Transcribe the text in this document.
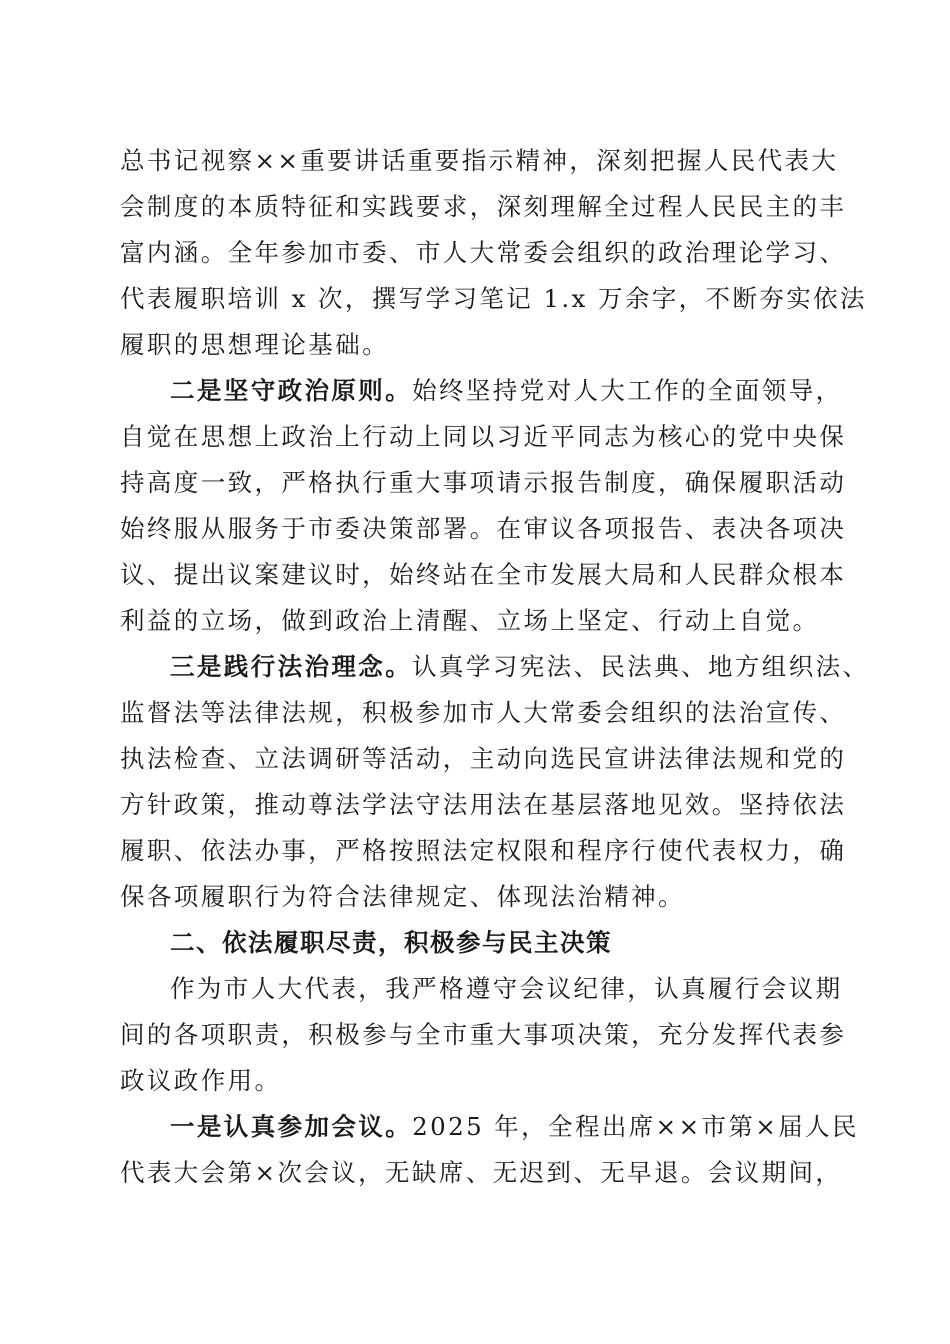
总书记视察××重要讲话重要指示精神，深刻把握人民代表大
会制度的本质特征和实践要求，深刻理解全过程人民民主的丰
富内涵。全年参加市委、市人大常委会组织的政治理论学习、
代表履职培训 x 次，撰写学习笔记 1.x 万余字，不断夯实依法
履职的思想理论基础。
二是坚守政治原则。始终坚持党对人大工作的全面领导，
自觉在思想上政治上行动上同以习近平同志为核心的党中央保
持高度一致，严格执行重大事项请示报告制度，确保履职活动
始终服从服务于市委决策部署。在审议各项报告、表决各项决
议、提出议案建议时，始终站在全市发展大局和人民群众根本
利益的立场，做到政治上清醒、立场上坚定、行动上自觉。
三是践行法治理念。认真学习宪法、民法典、地方组织法、
监督法等法律法规，积极参加市人大常委会组织的法治宣传、
执法检查、立法调研等活动，主动向选民宣讲法律法规和党的
方针政策，推动尊法学法守法用法在基层落地见效。坚持依法
履职、依法办事，严格按照法定权限和程序行使代表权力，确
保各项履职行为符合法律规定、体现法治精神。
二、依法履职尽责，积极参与民主决策
作为市人大代表，我严格遵守会议纪律，认真履行会议期
间的各项职责，积极参与全市重大事项决策，充分发挥代表参
政议政作用。
一是认真参加会议。2025 年，全程出席××市第×届人民
代表大会第×次会议，无缺席、无迟到、无早退。会议期间，
